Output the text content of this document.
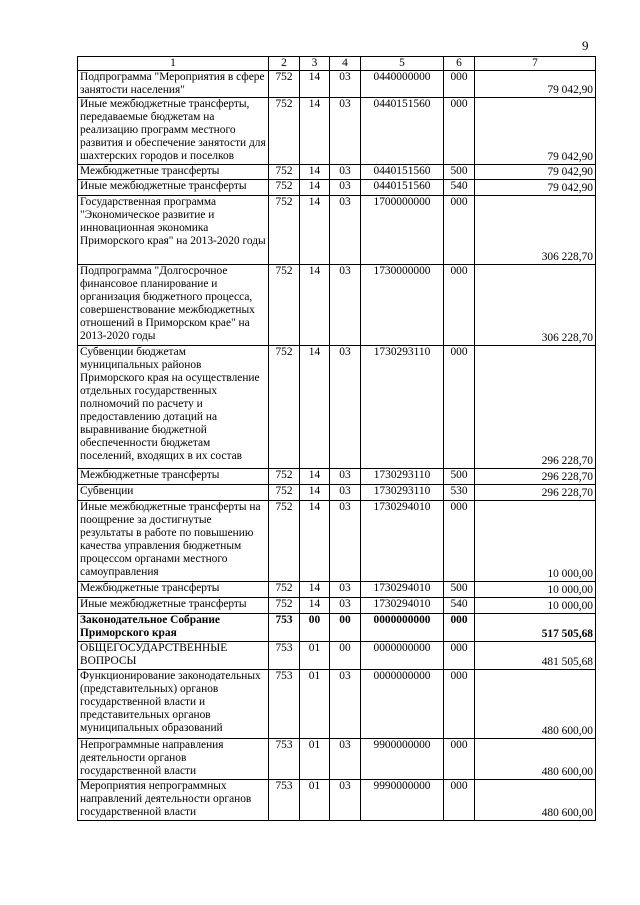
9
1	2	3	4	5	6	7
Подпрограмма "Мероприятия в сфере занятости населения"	752	14	03	0440000000	000	79 042,90
Иные межбюджетные трансферты, передаваемые бюджетам на реализацию программ местного развития и обеспечение занятости для шахтерских городов и поселков	752	14	03	0440151560	000	79 042,90
Межбюджетные трансферты	752	14	03	0440151560	500	79 042,90
Иные межбюджетные трансферты	752	14	03	0440151560	540	79 042,90
Государственная программа "Экономическое развитие и инновационная экономика Приморского края" на 2013-2020 годы	752	14	03	1700000000	000	306 228,70
Подпрограмма "Долгосрочное финансовое планирование и организация бюджетного процесса, совершенствование межбюджетных отношений в Приморском крае" на 2013-2020 годы	752	14	03	1730000000	000	306 228,70
Субвенции бюджетам муниципальных районов Приморского края на осуществление отдельных государственных полномочий по расчету и предоставлению дотаций на выравнивание бюджетной обеспеченности бюджетам поселений, входящих в их состав	752	14	03	1730293110	000	296 228,70
Межбюджетные трансферты	752	14	03	1730293110	500	296 228,70
Субвенции	752	14	03	1730293110	530	296 228,70
Иные межбюджетные трансферты на поощрение за достигнутые результаты в работе по повышению качества управления бюджетным процессом органами местного самоуправления	752	14	03	1730294010	000	10 000,00
Межбюджетные трансферты	752	14	03	1730294010	500	10 000,00
Иные межбюджетные трансферты	752	14	03	1730294010	540	10 000,00
Законодательное Собрание Приморского края	753	00	00	0000000000	000	517 505,68
ОБЩЕГОСУДАРСТВЕННЫЕ ВОПРОСЫ	753	01	00	0000000000	000	481 505,68
Функционирование законодательных (представительных) органов государственной власти и представительных органов муниципальных образований	753	01	03	0000000000	000	480 600,00
Непрограммные направления деятельности органов государственной власти	753	01	03	9900000000	000	480 600,00
Мероприятия непрограммных направлений деятельности органов государственной власти	753	01	03	9990000000	000	480 600,00
